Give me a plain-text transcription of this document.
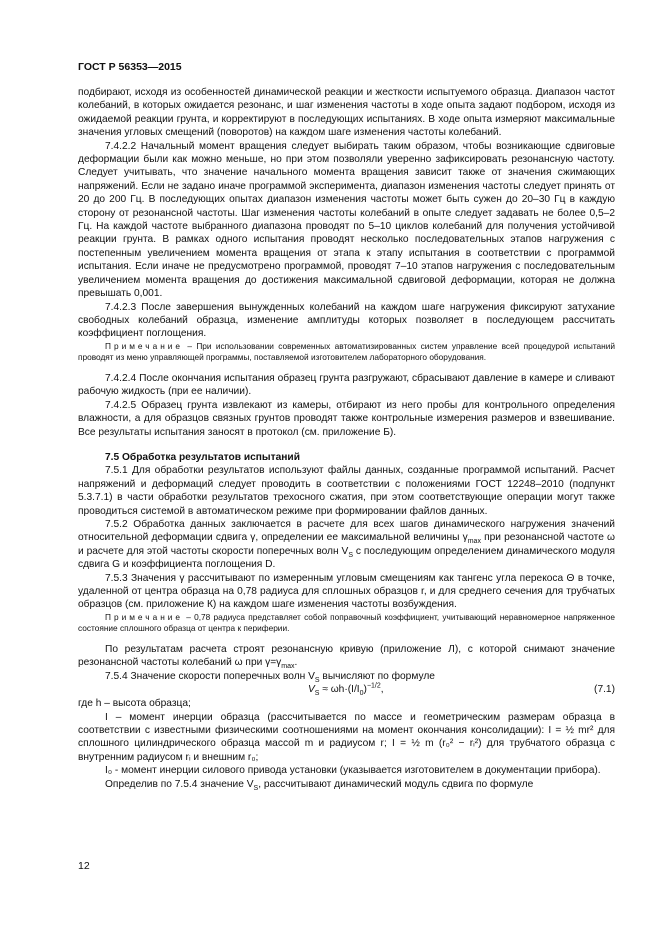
ГОСТ Р 56353—2015

подбирают, исходя из особенностей динамической реакции и жесткости испытуемого образца. Диапазон частот колебаний, в которых ожидается резонанс, и шаг изменения частоты в ходе опыта задают подбором, исходя из ожидаемой реакции грунта, и корректируют в последующих испытаниях. В ходе опыта измеряют максимальные значения угловых смещений (поворотов) на каждом шаге изменения частоты колебаний.

7.4.2.2 Начальный момент вращения следует выбирать таким образом, чтобы возникающие сдвиговые деформации были как можно меньше, но при этом позволяли уверенно зафиксировать резонансную частоту. Следует учитывать, что значение начального момента вращения зависит также от значения сжимающих напряжений. Если не задано иначе программой эксперимента, диапазон изменения частоты следует принять от 20 до 200 Гц. В последующих опытах диапазон изменения частоты может быть сужен до 20–30 Гц в каждую сторону от резонансной частоты. Шаг изменения частоты колебаний в опыте следует задавать не более 0,5–2 Гц. На каждой частоте выбранного диапазона проводят по 5–10 циклов колебаний для получения устойчивой реакции грунта. В рамках одного испытания проводят несколько последовательных этапов нагружения с постепенным увеличением момента вращения от этапа к этапу испытания в соответствии с программой испытания. Если иначе не предусмотрено программой, проводят 7–10 этапов нагружения с последовательным увеличением момента вращения до достижения максимальной сдвиговой деформации, которая не должна превышать 0,001.

7.4.2.3 После завершения вынужденных колебаний на каждом шаге нагружения фиксируют затухание свободных колебаний образца, изменение амплитуды которых позволяет в последующем рассчитать коэффициент поглощения.

Примечание – При использовании современных автоматизированных систем управление всей процедурой испытаний проводят из меню управляющей программы, поставляемой изготовителем лабораторного оборудования.

7.4.2.4 После окончания испытания образец грунта разгружают, сбрасывают давление в камере и сливают рабочую жидкость (при ее наличии).

7.4.2.5 Образец грунта извлекают из камеры, отбирают из него пробы для контрольного определения влажности, а для образцов связных грунтов проводят также контрольные измерения размеров и взвешивание. Все результаты испытания заносят в протокол (см. приложение Б).

7.5 Обработка результатов испытаний

7.5.1 Для обработки результатов используют файлы данных, созданные программой испытаний. Расчет напряжений и деформаций следует проводить в соответствии с положениями ГОСТ 12248–2010 (подпункт 5.3.7.1) в части обработки результатов трехосного сжатия, при этом соответствующие операции могут также проводиться системой в автоматическом режиме при формировании файлов данных.

7.5.2 Обработка данных заключается в расчете для всех шагов динамического нагружения значений относительной деформации сдвига γ, определении ее максимальной величины $\gamma_{max}$ при резонансной частоте ω и расчете для этой частоты скорости поперечных волн $V_S$ с последующим определением динамического модуля сдвига G и коэффициента поглощения D.

7.5.3 Значения γ рассчитывают по измеренным угловым смещениям как тангенс угла перекоса Θ в точке, удаленной от центра образца на 0,78 радиуса для сплошных образцов r, и для среднего сечения для трубчатых образцов (см. приложение К) на каждом шаге изменения частоты возбуждения.

Примечание – 0,78 радиуса представляет собой поправочный коэффициент, учитывающий неравномерное напряженное состояние сплошного образца от центра к периферии.

По результатам расчета строят резонансную кривую (приложение Л), с которой снимают значение резонансной частоты колебаний ω при $\gamma=\gamma_{max}$.

7.5.4 Значение скорости поперечных волн $V_S$ вычисляют по формуле

$V_S \approx \omega h\cdot(I/I_0)^{-1/2}$,	(7.1)

где h – высота образца;

I – момент инерции образца (рассчитывается по массе и геометрическим размерам образца в соответствии с известными физическими соотношениями на момент окончания консолидации): I = ½ mr² для сплошного цилиндрического образца массой m и радиусом r; I = ½ m (r₀² − rᵢ²) для трубчатого образца с внутренним радиусом rᵢ и внешним r₀;

I₀ - момент инерции силового привода установки (указывается изготовителем в документации прибора).

Определив по 7.5.4 значение $V_S$, рассчитывают динамический модуль сдвига по формуле

12
